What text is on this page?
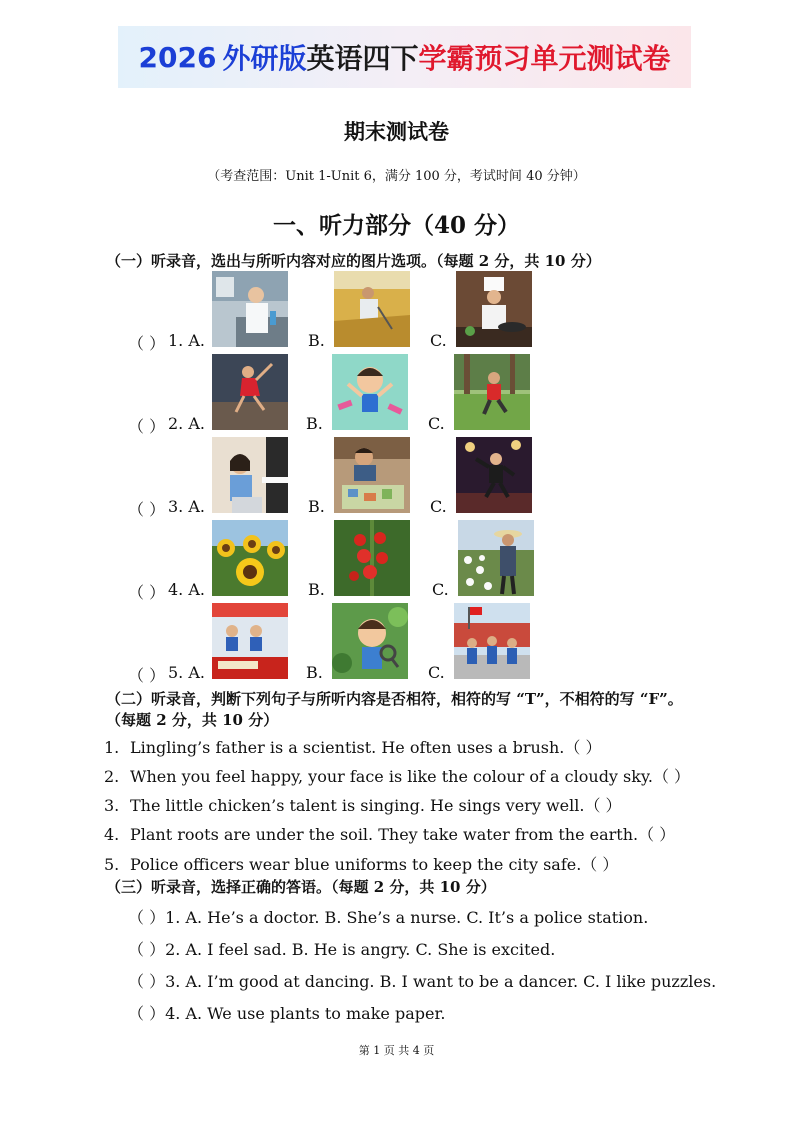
2026 外研版 英语四下 学霸预习单元测试卷
期末测试卷
（考查范围：Unit 1-Unit 6，满分 100 分，考试时间 40 分钟）
一、听力部分（40 分）
（一）听录音，选出与所听内容对应的图片选项。（每题 2 分，共 10 分）
（ ） 1. A.	B.	C.
（ ） 2. A.	B.	C.
（ ） 3. A.	B.	C.
（ ） 4. A.	B.	C.
（ ） 5. A.	B.	C.
（二）听录音，判断下列句子与所听内容是否相符，相符的写 “T”，不相符的写 “F”。
（每题 2 分，共 10 分）
1. Lingling’s father is a scientist. He often uses a brush.（ ）
2. When you feel happy, your face is like the colour of a cloudy sky.（ ）
3. The little chicken’s talent is singing. He sings very well.（ ）
4. Plant roots are under the soil. They take water from the earth.（ ）
5. Police officers wear blue uniforms to keep the city safe.（ ）
（三）听录音，选择正确的答语。（每题 2 分，共 10 分）
（ ）1. A. He’s a doctor. B. She’s a nurse. C. It’s a police station.
（ ）2. A. I feel sad. B. He is angry. C. She is excited.
（ ）3. A. I’m good at dancing. B. I want to be a dancer. C. I like puzzles.
（ ）4. A. We use plants to make paper.
第 1 页 共 4 页
